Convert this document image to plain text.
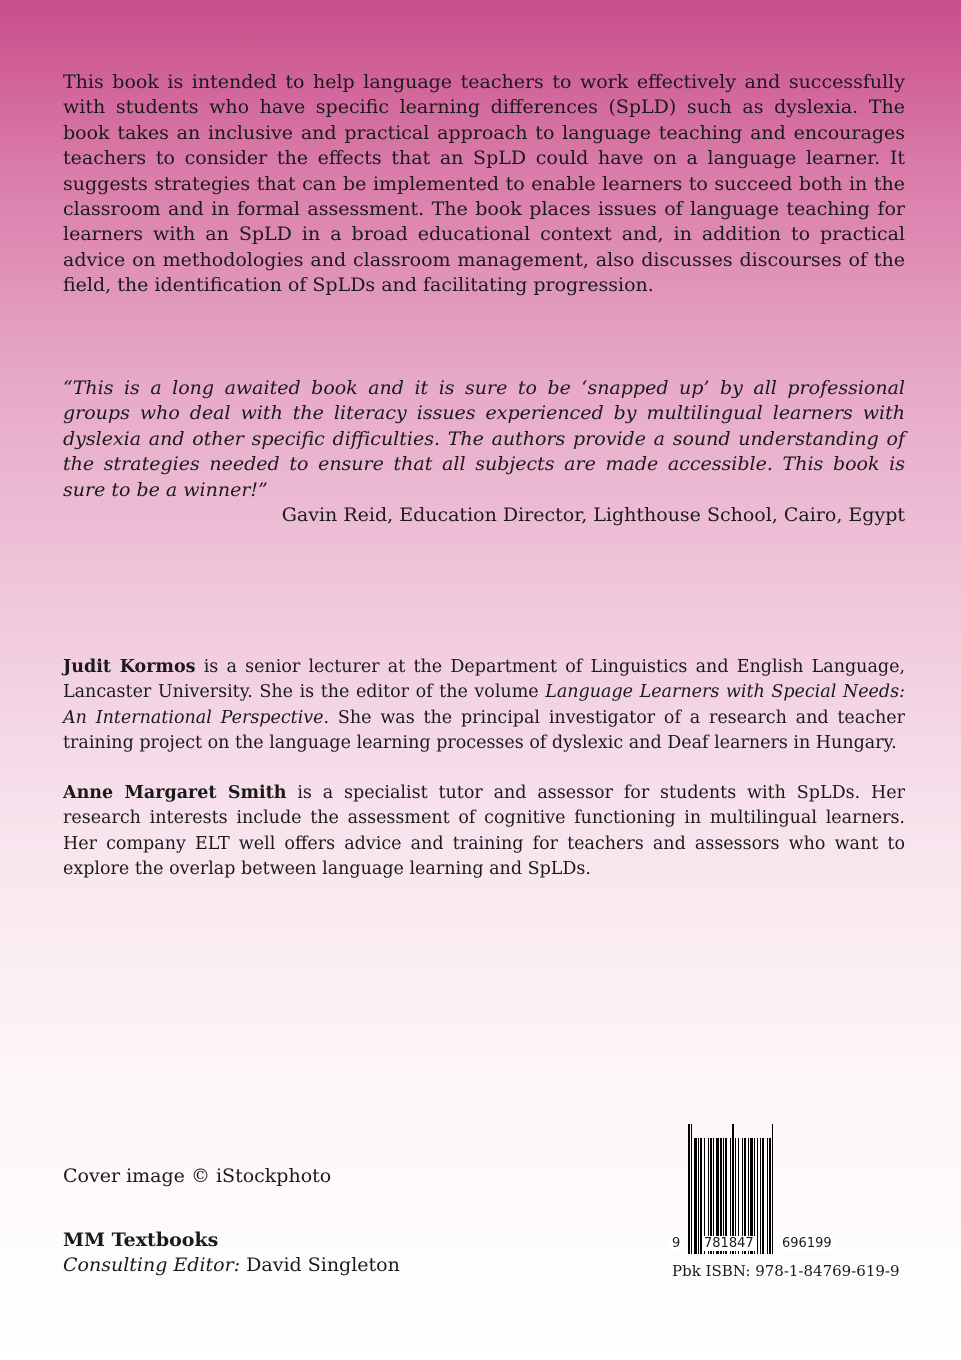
This book is intended to help language teachers to work effectively and successfully with students who have specific learning differences (SpLD) such as dyslexia. The book takes an inclusive and practical approach to language teaching and encourages teachers to consider the effects that an SpLD could have on a language learner. It suggests strategies that can be implemented to enable learners to succeed both in the classroom and in formal assessment. The book places issues of language teaching for learners with an SpLD in a broad educational context and, in addition to practical advice on methodologies and classroom management, also discusses discourses of the field, the identification of SpLDs and facilitating progression.
“This is a long awaited book and it is sure to be ‘snapped up’ by all professional groups who deal with the literacy issues experienced by multilingual learners with dyslexia and other specific difficulties. The authors provide a sound understanding of the strategies needed to ensure that all subjects are made accessible. This book is sure to be a winner!”
Gavin Reid, Education Director, Lighthouse School, Cairo, Egypt
Judit Kormos is a senior lecturer at the Department of Linguistics and English Language, Lancaster University. She is the editor of the volume Language Learners with Special Needs: An International Perspective. She was the principal investigator of a research and teacher training project on the language learning processes of dyslexic and Deaf learners in Hungary.
Anne Margaret Smith is a specialist tutor and assessor for students with SpLDs. Her research interests include the assessment of cognitive functioning in multilingual learners. Her company ELT well offers advice and training for teachers and assessors who want to explore the overlap between language learning and SpLDs.
Cover image © iStockphoto
MM Textbooks
Consulting Editor: David Singleton
9 781847 696199
Pbk ISBN: 978-1-84769-619-9
